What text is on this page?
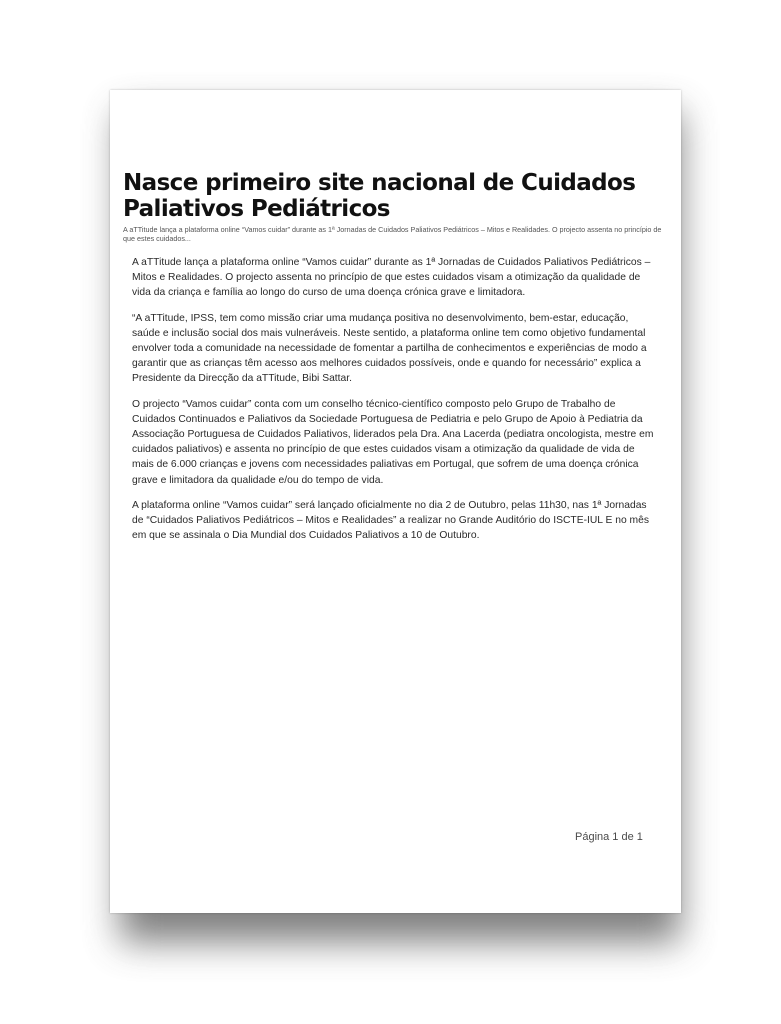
Nasce primeiro site nacional de Cuidados Paliativos Pediátricos

A aTTitude lança a plataforma online “Vamos cuidar” durante as 1ª Jornadas de Cuidados Paliativos Pediátricos – Mitos e Realidades. O projecto assenta no princípio de que estes cuidados...

A aTTitude lança a plataforma online “Vamos cuidar” durante as 1ª Jornadas de Cuidados Paliativos Pediátricos – Mitos e Realidades. O projecto assenta no princípio de que estes cuidados visam a otimização da qualidade de vida da criança e família ao longo do curso de uma doença crónica grave e limitadora.

“A aTTitude, IPSS, tem como missão criar uma mudança positiva no desenvolvimento, bem-estar, educação, saúde e inclusão social dos mais vulneráveis. Neste sentido, a plataforma online tem como objetivo fundamental envolver toda a comunidade na necessidade de fomentar a partilha de conhecimentos e experiências de modo a garantir que as crianças têm acesso aos melhores cuidados possíveis, onde e quando for necessário” explica a Presidente da Direcção da aTTitude, Bibi Sattar.

O projecto “Vamos cuidar” conta com um conselho técnico-científico composto pelo Grupo de Trabalho de Cuidados Continuados e Paliativos da Sociedade Portuguesa de Pediatria e pelo Grupo de Apoio à Pediatria da Associação Portuguesa de Cuidados Paliativos, liderados pela Dra. Ana Lacerda (pediatra oncologista, mestre em cuidados paliativos) e assenta no princípio de que estes cuidados visam a otimização da qualidade de vida de mais de 6.000 crianças e jovens com necessidades paliativas em Portugal, que sofrem de uma doença crónica grave e limitadora da qualidade e/ou do tempo de vida.

A plataforma online “Vamos cuidar” será lançado oficialmente no dia 2 de Outubro, pelas 11h30, nas 1ª Jornadas de “Cuidados Paliativos Pediátricos – Mitos e Realidades” a realizar no Grande Auditório do ISCTE-IUL E no mês em que se assinala o Dia Mundial dos Cuidados Paliativos a 10 de Outubro.

Página 1 de 1
